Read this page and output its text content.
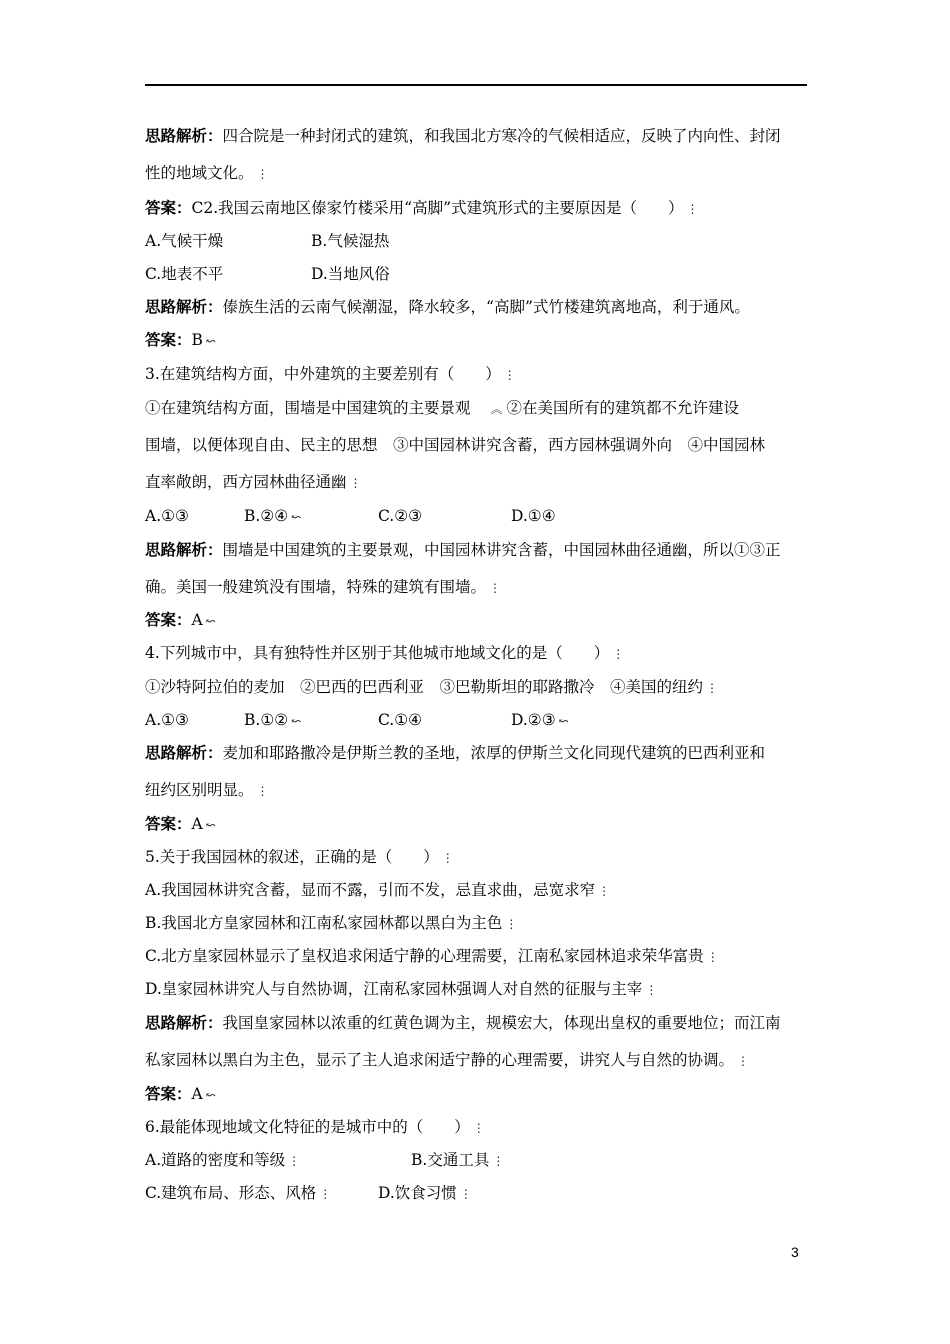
思路解析：四合院是一种封闭式的建筑，和我国北方寒冷的气候相适应，反映了内向性、封闭
性的地域文化。 ⋮
答案：C2.我国云南地区傣家竹楼采用“高脚”式建筑形式的主要原因是（　　） ⋮
A.气候干燥	B.气候湿热
C.地表不平	D.当地风俗
思路解析：傣族生活的云南气候潮湿，降水较多，“高脚”式竹楼建筑离地高，利于通风。
答案：B ↜
3.在建筑结构方面，中外建筑的主要差别有（　　） ⋮
①在建筑结构方面，围墙是中国建筑的主要景观 ︽ ②在美国所有的建筑都不允许建设
围墙，以便体现自由、民主的思想　③中国园林讲究含蓄，西方园林强调外向　④中国园林
直率敞朗，西方园林曲径通幽 ⋮
A.①③	B.②④ ↜	C.②③	D.①④
思路解析：围墙是中国建筑的主要景观，中国园林讲究含蓄，中国园林曲径通幽，所以①③正
确。美国一般建筑没有围墙，特殊的建筑有围墙。 ⋮
答案：A ↜
4.下列城市中，具有独特性并区别于其他城市地域文化的是（　　） ⋮
①沙特阿拉伯的麦加　②巴西的巴西利亚　③巴勒斯坦的耶路撒冷　④美国的纽约 ⋮
A.①③	B.①② ↜	C.①④	D.②③ ↜
思路解析：麦加和耶路撒冷是伊斯兰教的圣地，浓厚的伊斯兰文化同现代建筑的巴西利亚和
纽约区别明显。 ⋮
答案：A ↜
5.关于我国园林的叙述，正确的是（　　） ⋮
A.我国园林讲究含蓄，显而不露，引而不发，忌直求曲，忌宽求窄 ⋮
B.我国北方皇家园林和江南私家园林都以黑白为主色 ⋮
C.北方皇家园林显示了皇权追求闲适宁静的心理需要，江南私家园林追求荣华富贵 ⋮
D.皇家园林讲究人与自然协调，江南私家园林强调人对自然的征服与主宰 ⋮
思路解析：我国皇家园林以浓重的红黄色调为主，规模宏大，体现出皇权的重要地位；而江南
私家园林以黑白为主色，显示了主人追求闲适宁静的心理需要，讲究人与自然的协调。 ⋮
答案：A ↜
6.最能体现地域文化特征的是城市中的（　　） ⋮
A.道路的密度和等级 ⋮	B.交通工具 ⋮
C.建筑布局、形态、风格 ⋮	D.饮食习惯 ⋮
3
